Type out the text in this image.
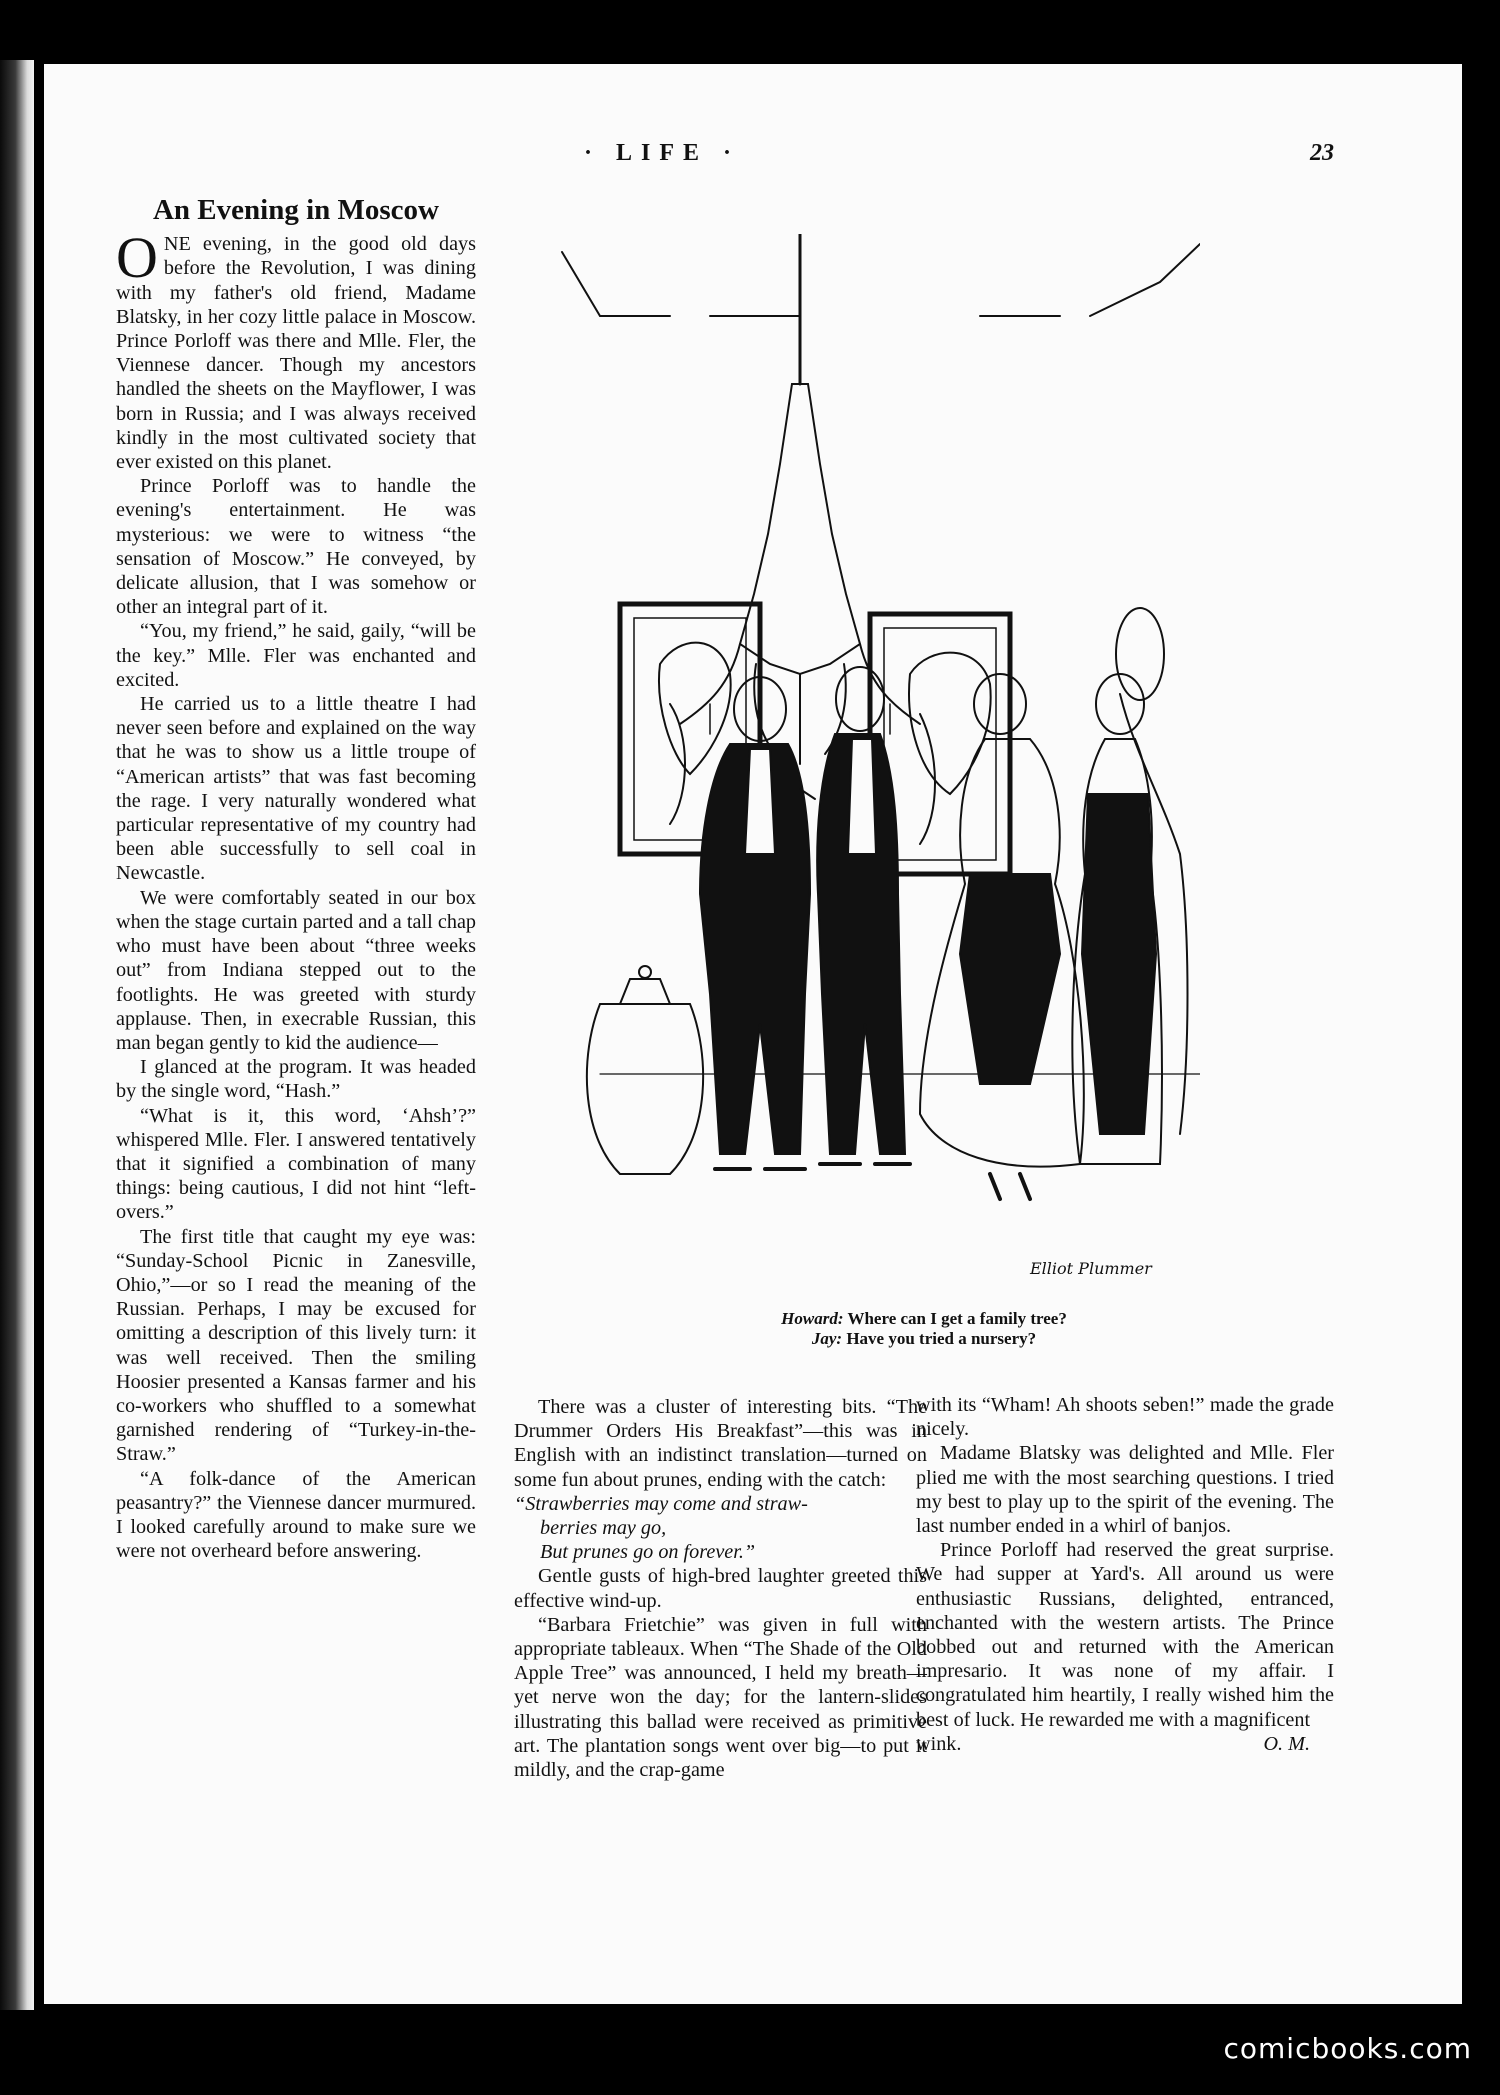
· LIFE ·	23
An Evening in Moscow

ONE evening, in the good old days before the Revolution, I was dining with my father's old friend, Madame Blatsky, in her cozy little palace in Moscow. Prince Porloff was there and Mlle. Fler, the Viennese dancer. Though my ancestors handled the sheets on the Mayflower, I was born in Russia; and I was always received kindly in the most cultivated society that ever existed on this planet.

Prince Porloff was to handle the evening's entertainment. He was mysterious: we were to witness “the sensation of Moscow.” He conveyed, by delicate allusion, that I was somehow or other an integral part of it.

“You, my friend,” he said, gaily, “will be the key.” Mlle. Fler was enchanted and excited.

He carried us to a little theatre I had never seen before and explained on the way that he was to show us a little troupe of “American artists” that was fast becoming the rage. I very naturally wondered what particular representative of my country had been able successfully to sell coal in Newcastle.

We were comfortably seated in our box when the stage curtain parted and a tall chap who must have been about “three weeks out” from Indiana stepped out to the footlights. He was greeted with sturdy applause. Then, in execrable Russian, this man began gently to kid the audience—

I glanced at the program. It was headed by the single word, “Hash.”

“What is it, this word, ‘Ahsh’?” whispered Mlle. Fler. I answered tentatively that it signified a combination of many things: being cautious, I did not hint “left-overs.”

The first title that caught my eye was: “Sunday-School Picnic in Zanesville, Ohio,”—or so I read the meaning of the Russian. Perhaps, I may be excused for omitting a description of this lively turn: it was well received. Then the smiling Hoosier presented a Kansas farmer and his co-workers who shuffled to a somewhat garnished rendering of “Turkey-in-the-Straw.”

“A folk-dance of the American peasantry?” the Viennese dancer murmured. I looked carefully around to make sure we were not overheard before answering.

Elliot Plummer
Howard: Where can I get a family tree?
Jay: Have you tried a nursery?

There was a cluster of interesting bits. “The Drummer Orders His Breakfast”—this was in English with an indistinct translation—turned on some fun about prunes, ending with the catch:

“Strawberries may come and straw-

berries may go,

But prunes go on forever.”

Gentle gusts of high-bred laughter greeted this effective wind-up.

“Barbara Frietchie” was given in full with appropriate tableaux. When “The Shade of the Old Apple Tree” was announced, I held my breath—yet nerve won the day; for the lantern-slides illustrating this ballad were received as primitive art. The plantation songs went over big—to put it mildly, and the crap-game

with its “Wham! Ah shoots seben!” made the grade nicely.

Madame Blatsky was delighted and Mlle. Fler plied me with the most searching questions. I tried my best to play up to the spirit of the evening. The last number ended in a whirl of banjos.

Prince Porloff had reserved the great surprise. We had supper at Yard's. All around us were enthusiastic Russians, delighted, entranced, enchanted with the western artists. The Prince bobbed out and returned with the American impresario. It was none of my affair. I congratulated him heartily, I really wished him the best of luck. He rewarded me with a magnificent

wink.	O. M.

comicbooks.com
